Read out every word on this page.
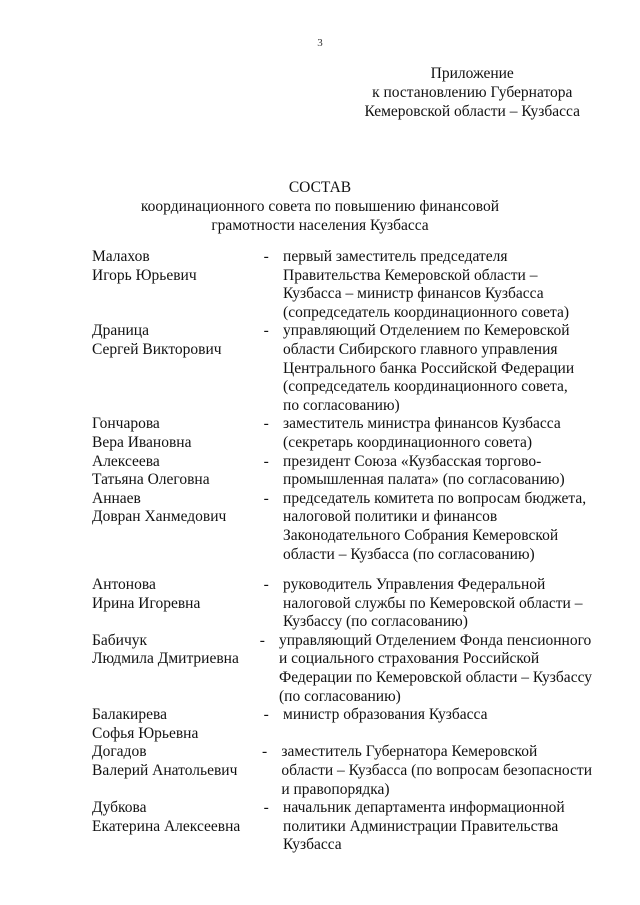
3
Приложение
к постановлению Губернатора
Кемеровской области – Кузбасса
СОСТАВ
координационного совета по повышению финансовой
грамотности населения Кузбасса
Малахов
Игорь Юрьевич
- первый заместитель председателя
Правительства Кемеровской области –
Кузбасса – министр финансов Кузбасса
(сопредседатель координационного совета)
Драница
Сергей Викторович
- управляющий Отделением по Кемеровской
области Сибирского главного управления
Центрального банка Российской Федерации
(сопредседатель координационного совета,
по согласованию)
Гончарова
Вера Ивановна
- заместитель министра финансов Кузбасса
(секретарь координационного совета)
Алексеева
Татьяна Олеговна
- президент Союза «Кузбасская торгово-
промышленная палата» (по согласованию)
Аннаев
Довран Ханмедович
- председатель комитета по вопросам бюджета,
налоговой политики и финансов
Законодательного Собрания Кемеровской
области – Кузбасса (по согласованию)
Антонова
Ирина Игоревна
- руководитель Управления Федеральной
налоговой службы по Кемеровской области –
Кузбассу (по согласованию)
Бабичук
Людмила Дмитриевна
- управляющий Отделением Фонда пенсионного
и социального страхования Российской
Федерации по Кемеровской области – Кузбассу
(по согласованию)
Балакирева
Софья Юрьевна
- министр образования Кузбасса

Догадов
Валерий Анатольевич
- заместитель Губернатора Кемеровской
области – Кузбасса (по вопросам безопасности
и правопорядка)
Дубкова
Екатерина Алексеевна
- начальник департамента информационной
политики Администрации Правительства
Кузбасса
